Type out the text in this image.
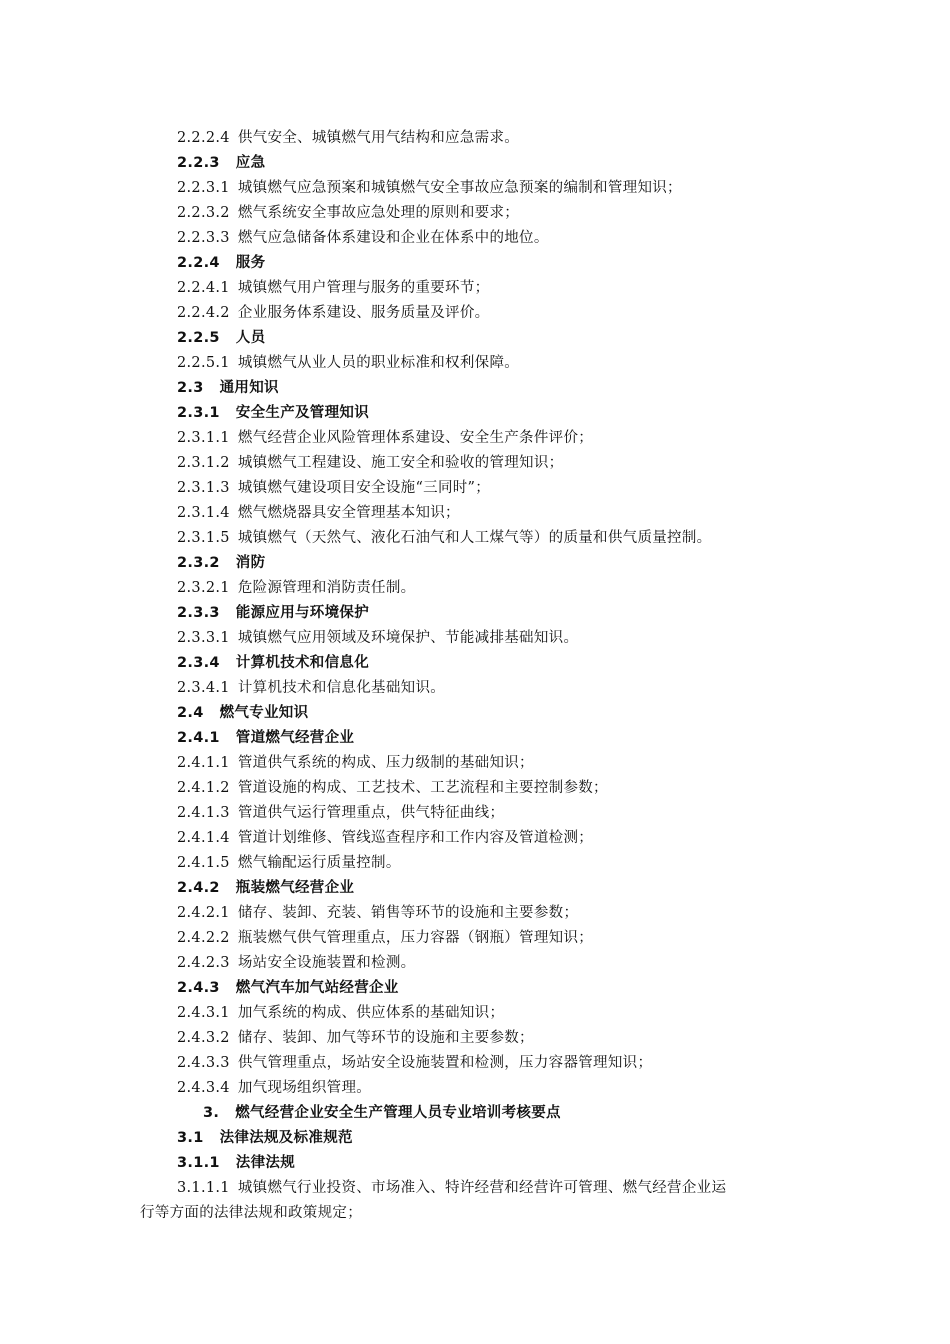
2.2.2.4 供气安全、城镇燃气用气结构和应急需求。
2.2.3 应急
2.2.3.1 城镇燃气应急预案和城镇燃气安全事故应急预案的编制和管理知识；
2.2.3.2 燃气系统安全事故应急处理的原则和要求；
2.2.3.3 燃气应急储备体系建设和企业在体系中的地位。
2.2.4 服务
2.2.4.1 城镇燃气用户管理与服务的重要环节；
2.2.4.2 企业服务体系建设、服务质量及评价。
2.2.5 人员
2.2.5.1 城镇燃气从业人员的职业标准和权利保障。
2.3 通用知识
2.3.1 安全生产及管理知识
2.3.1.1 燃气经营企业风险管理体系建设、安全生产条件评价；
2.3.1.2 城镇燃气工程建设、施工安全和验收的管理知识；
2.3.1.3 城镇燃气建设项目安全设施“三同时”；
2.3.1.4 燃气燃烧器具安全管理基本知识；
2.3.1.5 城镇燃气（天然气、液化石油气和人工煤气等）的质量和供气质量控制。
2.3.2 消防
2.3.2.1 危险源管理和消防责任制。
2.3.3 能源应用与环境保护
2.3.3.1 城镇燃气应用领域及环境保护、节能减排基础知识。
2.3.4 计算机技术和信息化
2.3.4.1 计算机技术和信息化基础知识。
2.4 燃气专业知识
2.4.1 管道燃气经营企业
2.4.1.1 管道供气系统的构成、压力级制的基础知识；
2.4.1.2 管道设施的构成、工艺技术、工艺流程和主要控制参数；
2.4.1.3 管道供气运行管理重点，供气特征曲线；
2.4.1.4 管道计划维修、管线巡查程序和工作内容及管道检测；
2.4.1.5 燃气输配运行质量控制。
2.4.2 瓶装燃气经营企业
2.4.2.1 储存、装卸、充装、销售等环节的设施和主要参数；
2.4.2.2 瓶装燃气供气管理重点，压力容器（钢瓶）管理知识；
2.4.2.3 场站安全设施装置和检测。
2.4.3 燃气汽车加气站经营企业
2.4.3.1 加气系统的构成、供应体系的基础知识；
2.4.3.2 储存、装卸、加气等环节的设施和主要参数；
2.4.3.3 供气管理重点，场站安全设施装置和检测，压力容器管理知识；
2.4.3.4 加气现场组织管理。
3. 燃气经营企业安全生产管理人员专业培训考核要点
3.1 法律法规及标准规范
3.1.1 法律法规
3.1.1.1 城镇燃气行业投资、市场准入、特许经营和经营许可管理、燃气经营企业运
行等方面的法律法规和政策规定；
